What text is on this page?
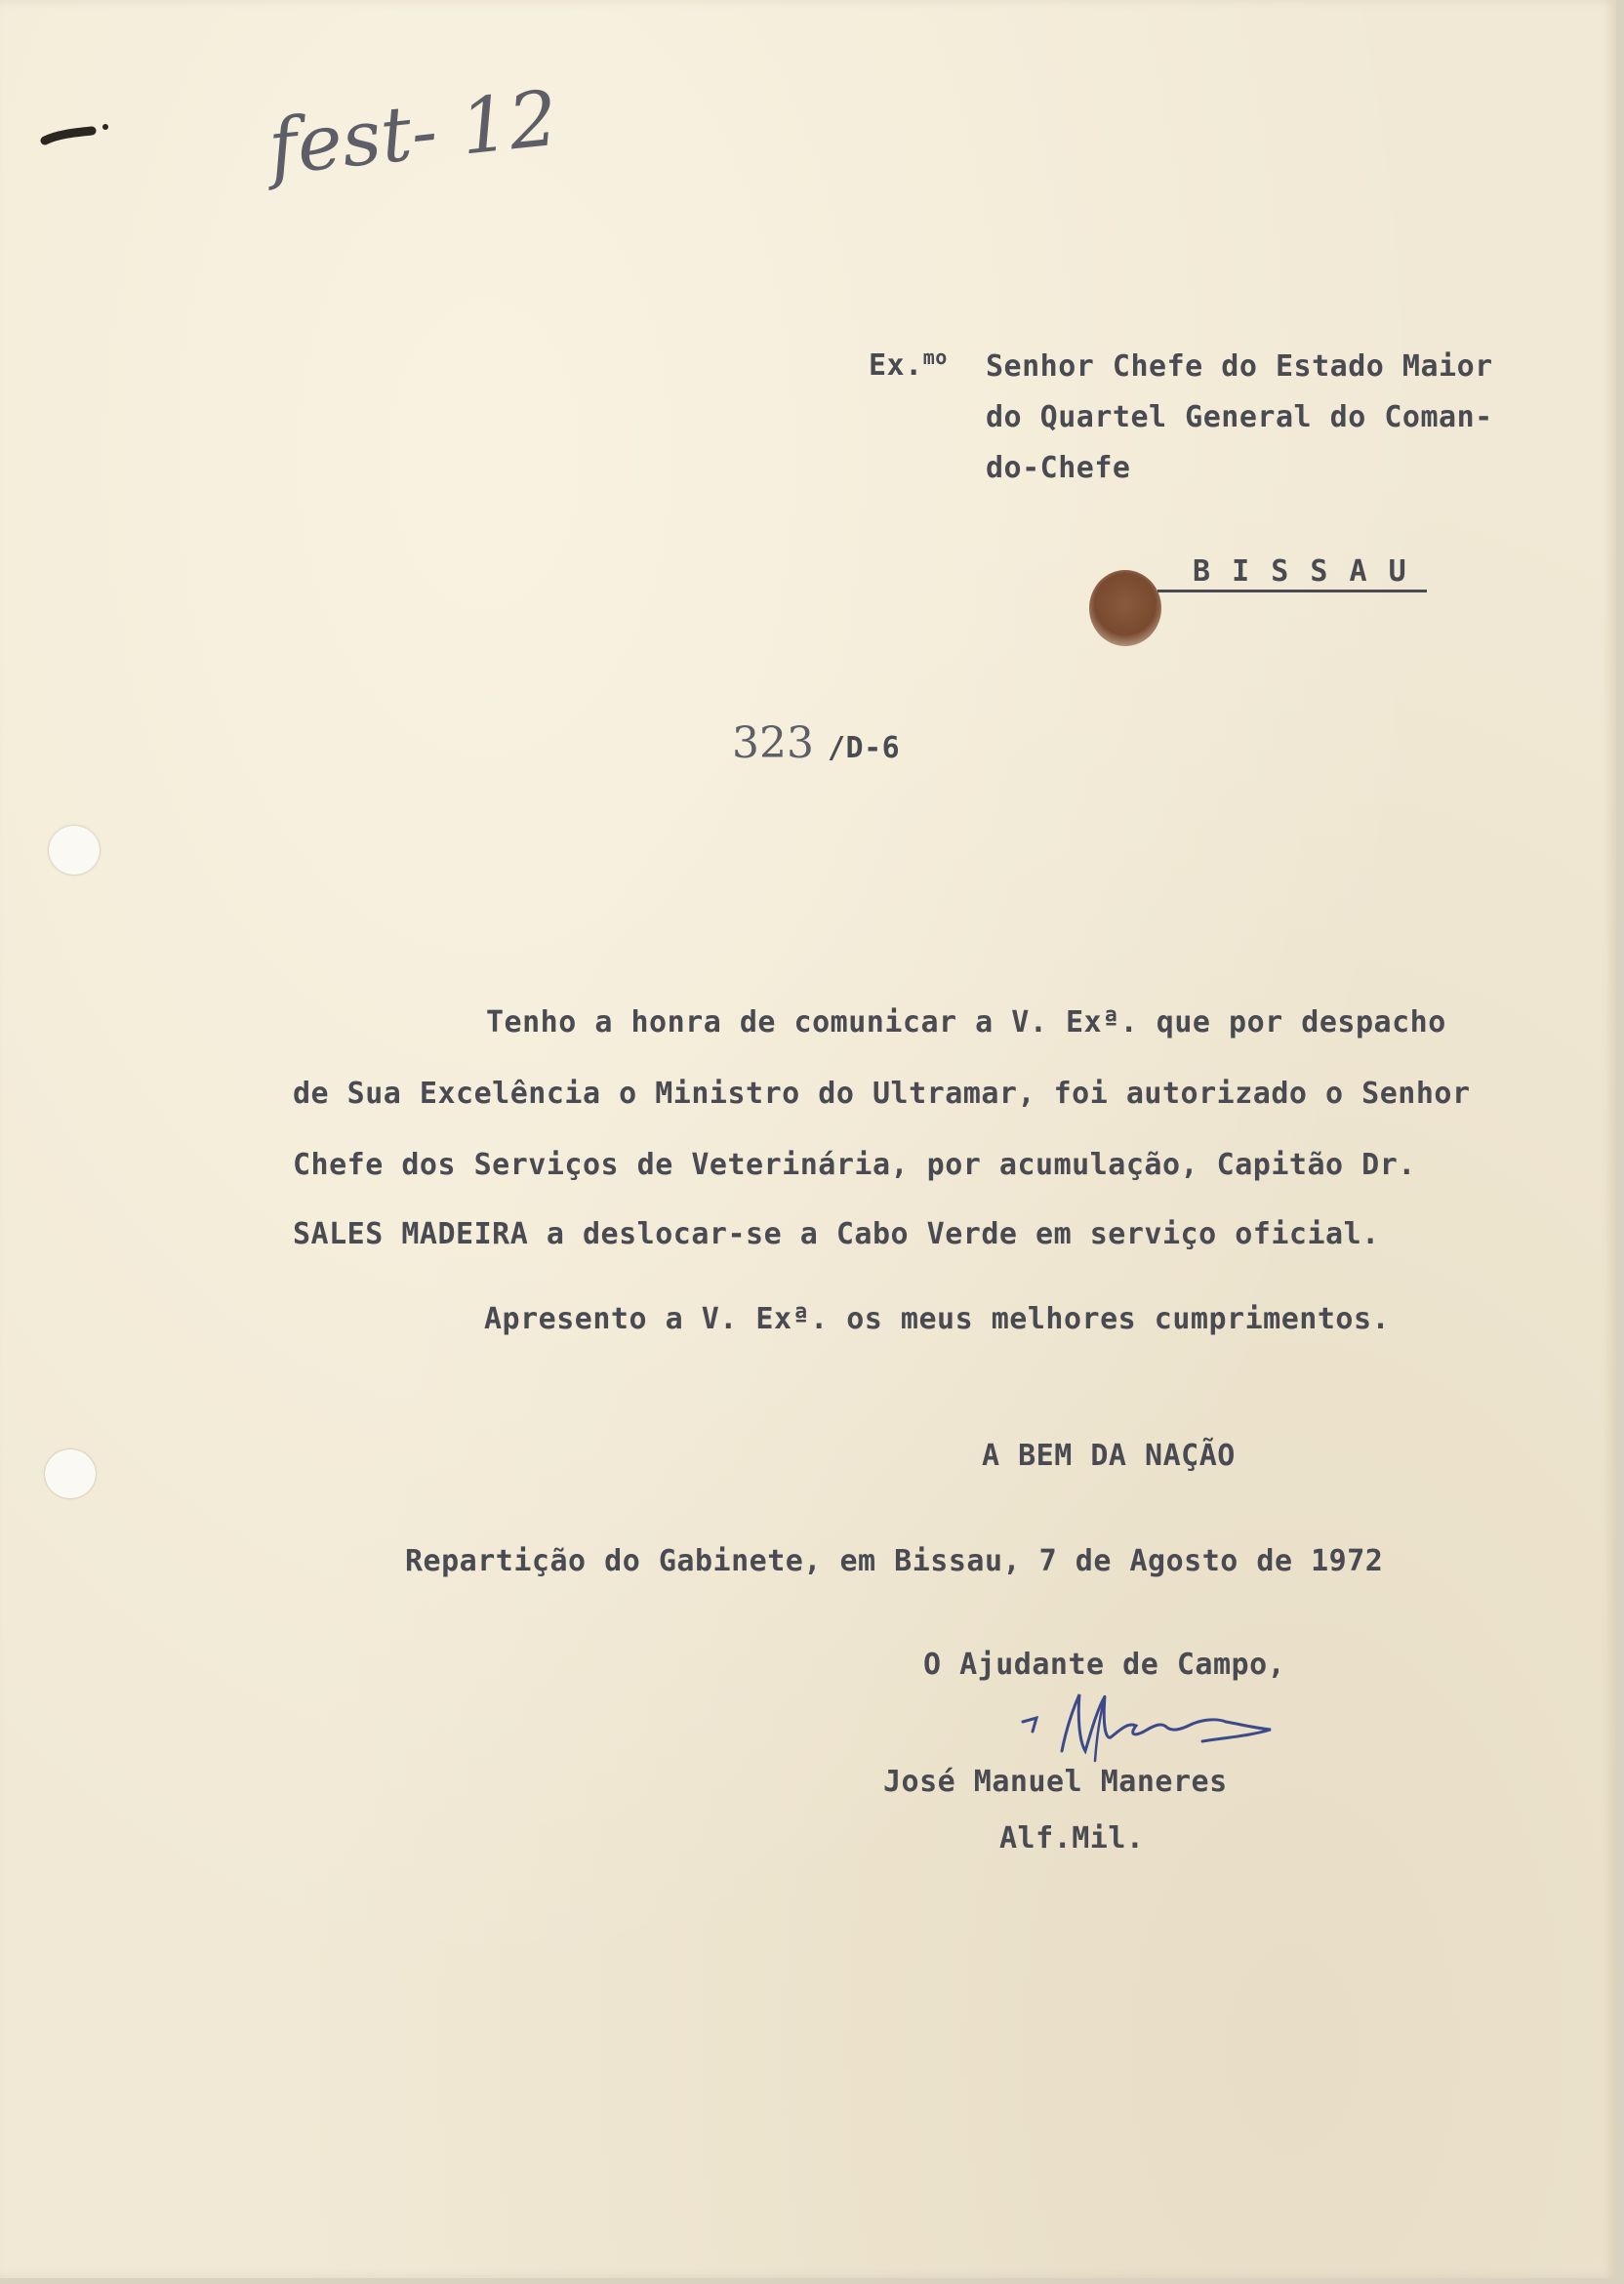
fest- 12
Ex.$^{mo}$ Senhor Chefe do Estado Maior
do Quartel General do Coman-
do-Chefe
B I S S A U
323 /D-6
Tenho a honra de comunicar a V. Exª. que por despacho
de Sua Excelência o Ministro do Ultramar, foi autorizado o Senhor
Chefe dos Serviços de Veterinária, por acumulação, Capitão Dr.
SALES MADEIRA a deslocar-se a Cabo Verde em serviço oficial.
Apresento a V. Exª. os meus melhores cumprimentos.
A BEM DA NAÇÃO
Repartição do Gabinete, em Bissau, 7 de Agosto de 1972
O Ajudante de Campo,
José Manuel Maneres
Alf.Mil.
